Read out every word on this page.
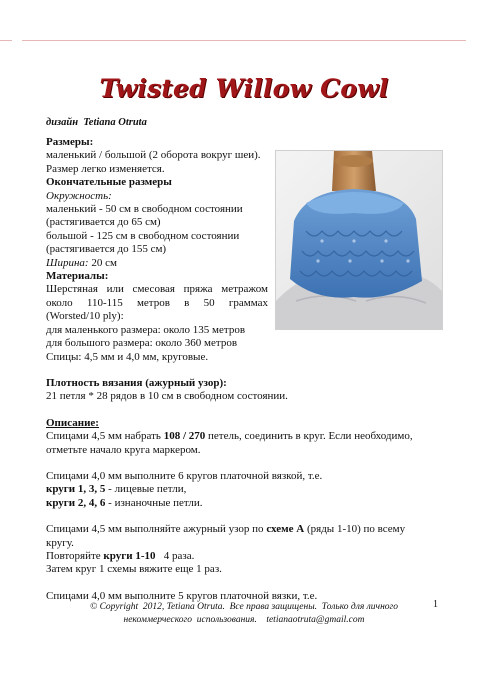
Twisted Willow Cowl
дизайн Tetiana Otruta
Размеры:
маленький / большой (2 оборота вокруг шеи).
Размер легко изменяется.
Окончательные размеры
Окружность:
маленький - 50 см в свободном состоянии
(растягивается до 65 см)
большой - 125 см в свободном состоянии
(растягивается до 155 см)
Ширина: 20 см
Материалы:
Шерстяная или смесовая пряжа метражом
около 110-115 метров в 50 граммах
(Worsted/10 ply):
для маленького размера: около 135 метров
для большого размера: около 360 метров
Спицы: 4,5 мм и 4,0 мм, круговые.
Плотность вязания (ажурный узор):
21 петля * 28 рядов в 10 см в свободном состоянии.
Описание:
Спицами 4,5 мм набрать 108 / 270 петель, соединить в круг. Если необходимо,
отметьте начало круга маркером.
Спицами 4,0 мм выполните 6 кругов платочной вязкой, т.е.
круги 1, 3, 5 - лицевые петли,
круги 2, 4, 6 - изнаночные петли.
Спицами 4,5 мм выполняйте ажурный узор по схеме А (ряды 1-10) по всему
кругу.
Повторяйте круги 1-10   4 раза.
Затем круг 1 схемы вяжите еще 1 раз.
Спицами 4,0 мм выполните 5 кругов платочной вязки, т.е.
© Copyright  2012, Tetiana Otruta.  Все права защищены.  Только для личного
некоммерческого  использования.    tetianaotruta@gmail.com
1
